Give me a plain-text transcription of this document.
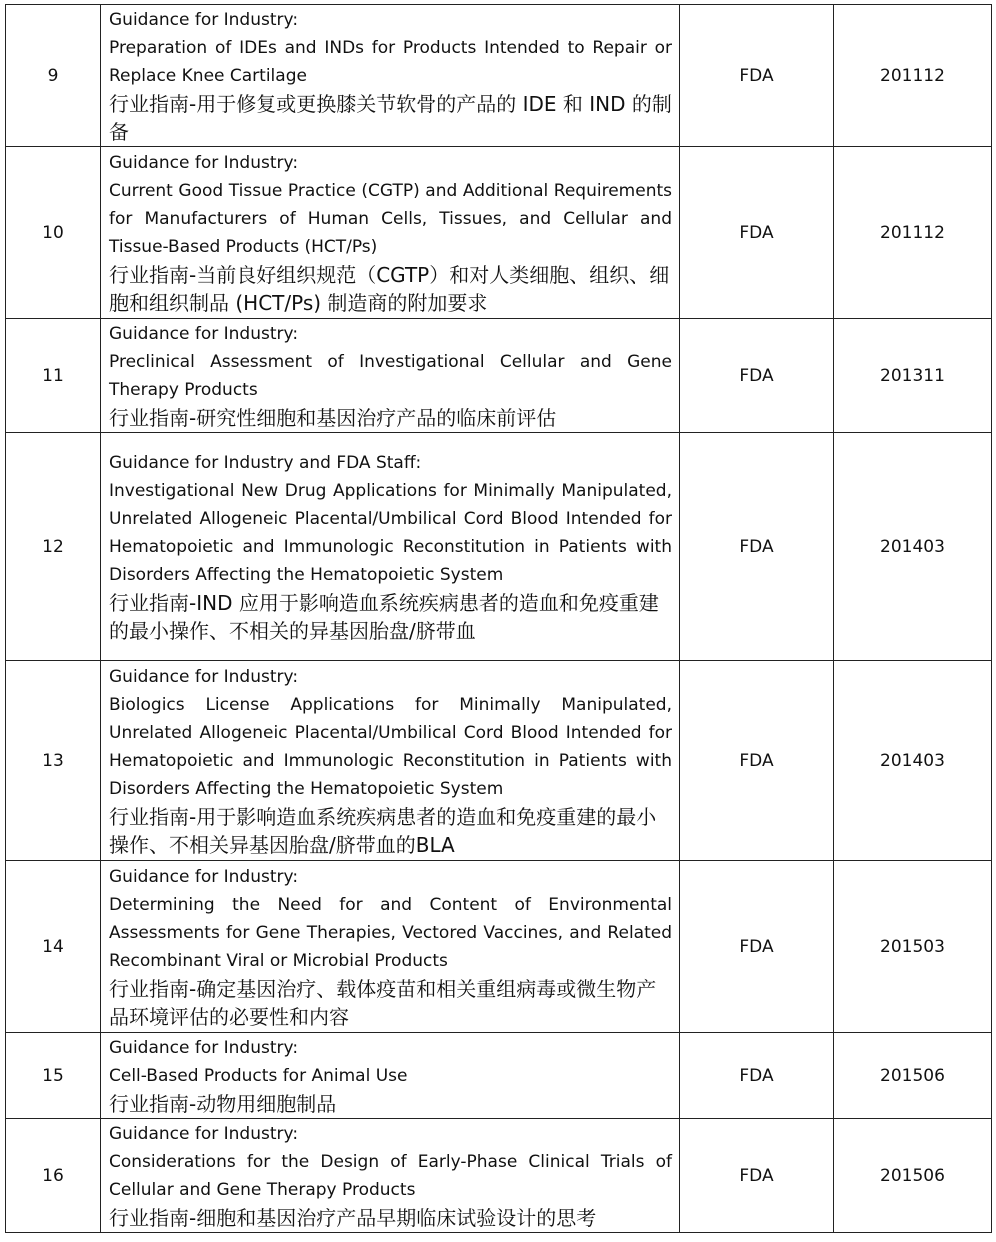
9	Guidance for Industry:
Preparation of IDEs and INDs for Products Intended to Repair or Replace Knee Cartilage
行业指南-用于修复或更换膝关节软骨的产品的 IDE 和 IND 的制备	FDA	201112
10	Guidance for Industry:
Current Good Tissue Practice (CGTP) and Additional Requirements for Manufacturers of Human Cells, Tissues, and Cellular and Tissue-Based Products (HCT/Ps)
行业指南-当前良好组织规范（CGTP）和对人类细胞、组织、细胞和组织制品 (HCT/Ps) 制造商的附加要求	FDA	201112
11	Guidance for Industry:
Preclinical Assessment of Investigational Cellular and Gene Therapy Products
行业指南-研究性细胞和基因治疗产品的临床前评估	FDA	201311
12	Guidance for Industry and FDA Staff:
Investigational New Drug Applications for Minimally Manipulated, Unrelated Allogeneic Placental/Umbilical Cord Blood Intended for Hematopoietic and Immunologic Reconstitution in Patients with Disorders Affecting the Hematopoietic System
行业指南-IND 应用于影响造血系统疾病患者的造血和免疫重建的最小操作、不相关的异基因胎盘/脐带血	FDA	201403
13	Guidance for Industry:
Biologics License Applications for Minimally Manipulated, Unrelated Allogeneic Placental/Umbilical Cord Blood Intended for Hematopoietic and Immunologic Reconstitution in Patients with Disorders Affecting the Hematopoietic System
行业指南-用于影响造血系统疾病患者的造血和免疫重建的最小操作、不相关异基因胎盘/脐带血的BLA	FDA	201403
14	Guidance for Industry:
Determining the Need for and Content of Environmental Assessments for Gene Therapies, Vectored Vaccines, and Related Recombinant Viral or Microbial Products
行业指南-确定基因治疗、载体疫苗和相关重组病毒或微生物产品环境评估的必要性和内容	FDA	201503
15	Guidance for Industry:
Cell-Based Products for Animal Use
行业指南-动物用细胞制品	FDA	201506
16	Guidance for Industry:
Considerations for the Design of Early-Phase Clinical Trials of Cellular and Gene Therapy Products
行业指南-细胞和基因治疗产品早期临床试验设计的思考	FDA	201506
